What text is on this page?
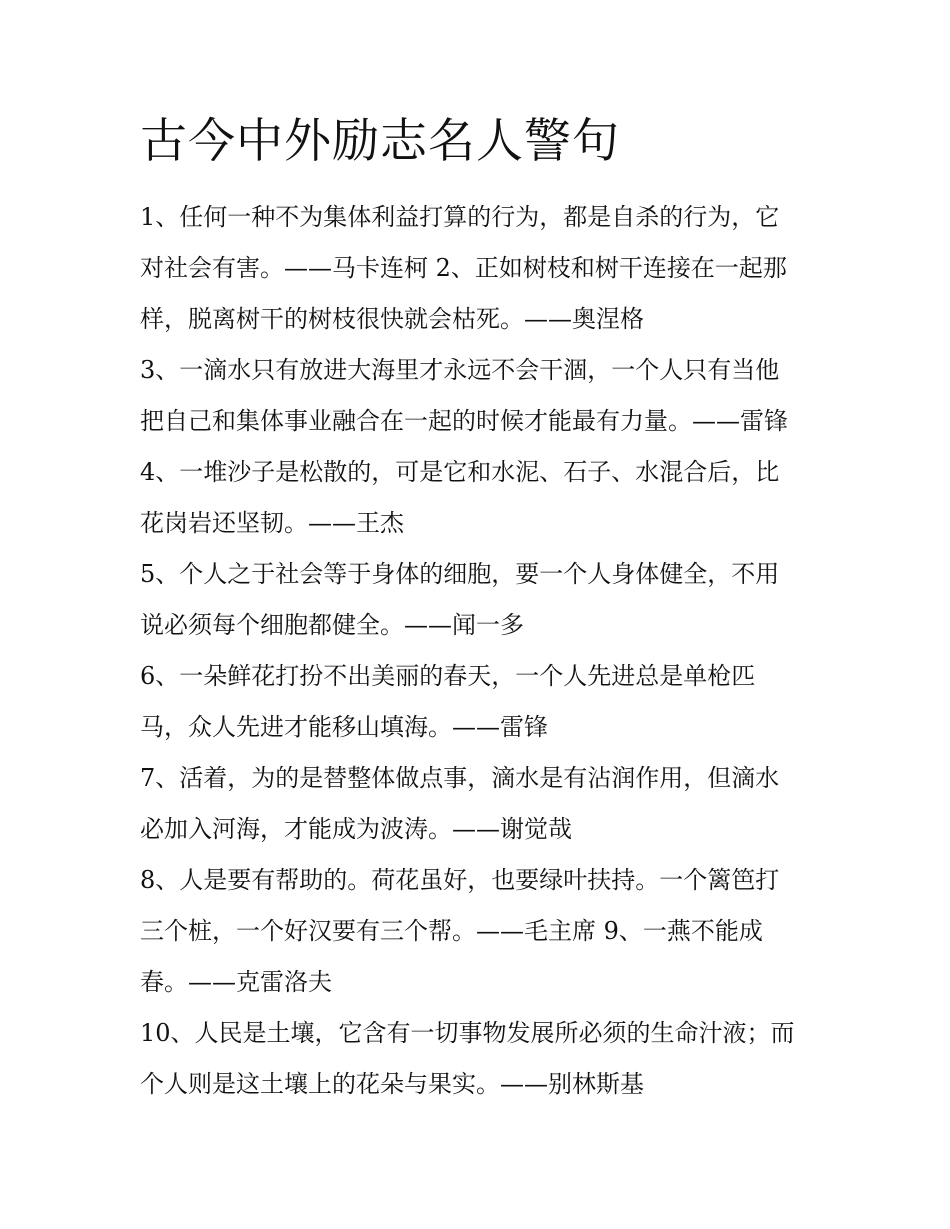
古今中外励志名人警句

1、任何一种不为集体利益打算的行为，都是自杀的行为，它

对社会有害。——马卡连柯 2、正如树枝和树干连接在一起那

样，脱离树干的树枝很快就会枯死。——奥涅格

3、一滴水只有放进大海里才永远不会干涸，一个人只有当他

把自己和集体事业融合在一起的时候才能最有力量。——雷锋

4、一堆沙子是松散的，可是它和水泥、石子、水混合后，比

花岗岩还坚韧。——王杰

5、个人之于社会等于身体的细胞，要一个人身体健全，不用

说必须每个细胞都健全。——闻一多

6、一朵鲜花打扮不出美丽的春天，一个人先进总是单枪匹

马，众人先进才能移山填海。——雷锋

7、活着，为的是替整体做点事，滴水是有沾润作用，但滴水

必加入河海，才能成为波涛。——谢觉哉

8、人是要有帮助的。荷花虽好，也要绿叶扶持。一个篱笆打

三个桩，一个好汉要有三个帮。——毛主席 9、一燕不能成

春。——克雷洛夫

10、人民是土壤，它含有一切事物发展所必须的生命汁液；而

个人则是这土壤上的花朵与果实。——别林斯基
